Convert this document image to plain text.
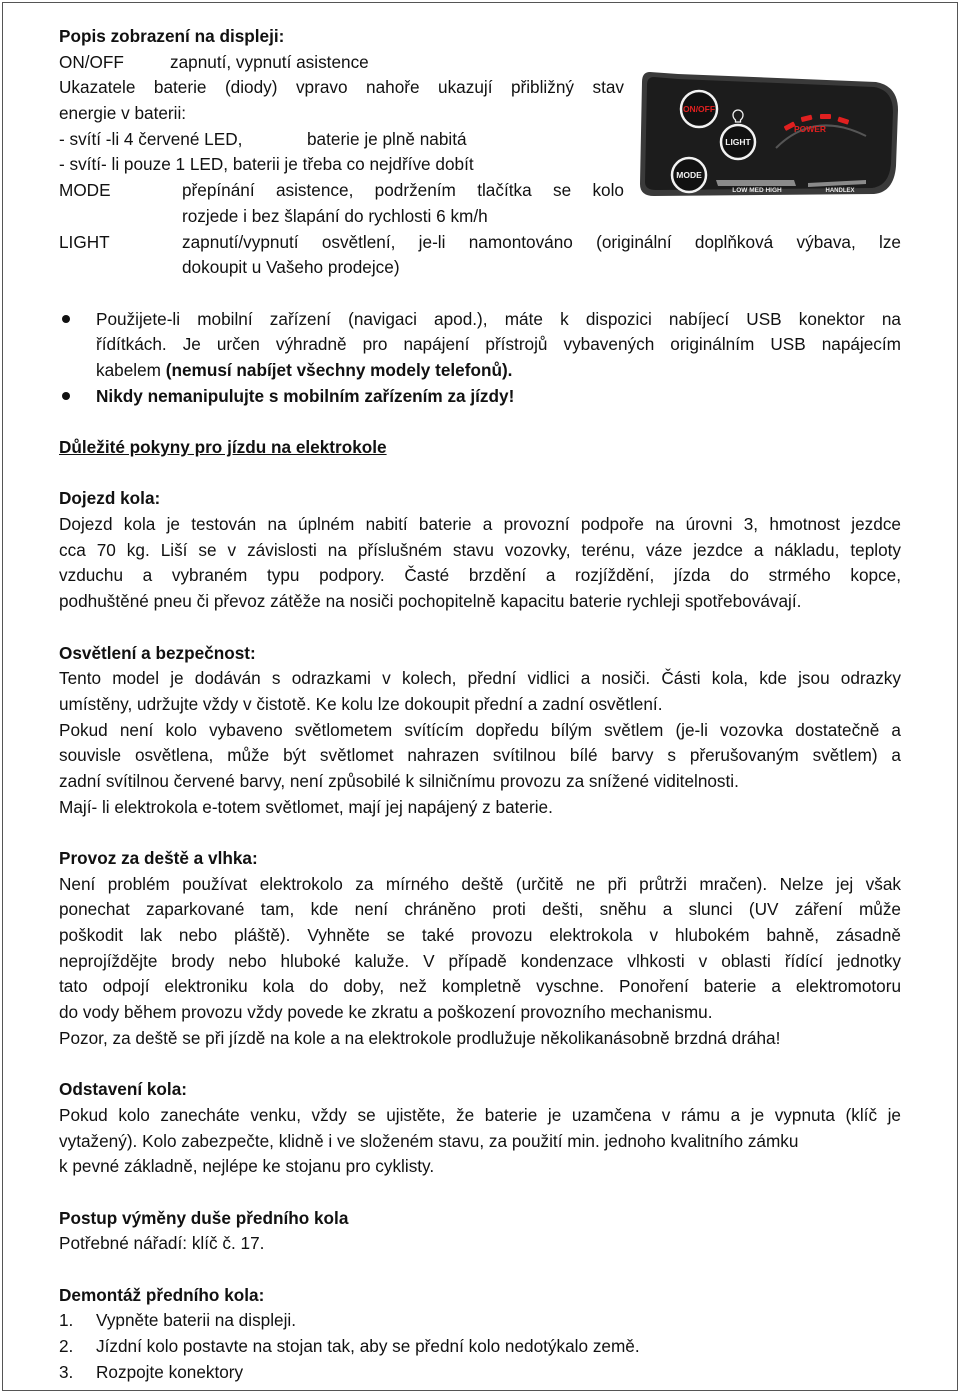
ON/OFF
LIGHT
MODE
POWER
LOW MED HIGH	HANDLEX
Popis zobrazení na displeji:
ON/OFF	zapnutí, vypnutí asistence
Ukazatele baterie (diody) vpravo nahoře ukazují přibližný stav
energie v baterii:
- svítí -li 4 červené LED,	baterie je plně nabitá
- svítí- li pouze 1 LED, baterii je třeba co nejdříve dobít
MODE	přepínání asistence, podržením tlačítka se kolo
rozjede i bez šlapání do rychlosti 6 km/h
LIGHT	zapnutí/vypnutí osvětlení, je-li namontováno (originální doplňková výbava, lze
dokoupit u Vašeho prodejce)
Použijete-li mobilní zařízení (navigaci apod.), máte k dispozici nabíjecí USB konektor na
řídítkách. Je určen výhradně pro napájení přístrojů vybavených originálním USB napájecím
kabelem (nemusí nabíjet všechny modely telefonů).
Nikdy nemanipulujte s mobilním zařízením za jízdy!
Důležité pokyny pro jízdu na elektrokole
Dojezd kola:
Dojezd kola je testován na úplném nabití baterie a provozní podpoře na úrovni 3, hmotnost jezdce
cca 70 kg. Liší se v závislosti na příslušném stavu vozovky, terénu, váze jezdce a nákladu, teploty
vzduchu a vybraném typu podpory. Časté brzdění a rozjíždění, jízda do strmého kopce,
podhuštěné pneu či převoz zátěže na nosiči pochopitelně kapacitu baterie rychleji spotřebovávají.
Osvětlení a bezpečnost:
Tento model je dodáván s odrazkami v kolech, přední vidlici a nosiči. Části kola, kde jsou odrazky
umístěny, udržujte vždy v čistotě. Ke kolu lze dokoupit přední a zadní osvětlení.
Pokud není kolo vybaveno světlometem svítícím dopředu bílým světlem (je-li vozovka dostatečně a
souvisle osvětlena, může být světlomet nahrazen svítilnou bílé barvy s přerušovaným světlem) a
zadní svítilnou červené barvy, není způsobilé k silničnímu provozu za snížené viditelnosti.
Mají- li elektrokola e-totem světlomet, mají jej napájený z baterie.
Provoz za deště a vlhka:
Není problém používat elektrokolo za mírného deště (určitě ne při průtrži mračen). Nelze jej však
ponechat zaparkované tam, kde není chráněno proti dešti, sněhu a slunci (UV záření může
poškodit lak nebo pláště). Vyhněte se také provozu elektrokola v hlubokém bahně, zásadně
neprojíždějte brody nebo hluboké kaluže. V případě kondenzace vlhkosti v oblasti řídící jednotky
tato odpojí elektroniku kola do doby, než kompletně vyschne. Ponoření baterie a elektromotoru
do vody během provozu vždy povede ke zkratu a poškození provozního mechanismu.
Pozor, za deště se při jízdě na kole a na elektrokole prodlužuje několikanásobně brzdná dráha!
Odstavení kola:
Pokud kolo zanecháte venku, vždy se ujistěte, že baterie je uzamčena v rámu a je vypnuta (klíč je
vytažený). Kolo zabezpečte, klidně i ve složeném stavu, za použití min. jednoho kvalitního zámku
k pevné základně, nejlépe ke stojanu pro cyklisty.
Postup výměny duše předního kola
Potřebné nářadí: klíč č. 17.
Demontáž předního kola:
1. Vypněte baterii na displeji.
2. Jízdní kolo postavte na stojan tak, aby se přední kolo nedotýkalo země.
3. Rozpojte konektory
